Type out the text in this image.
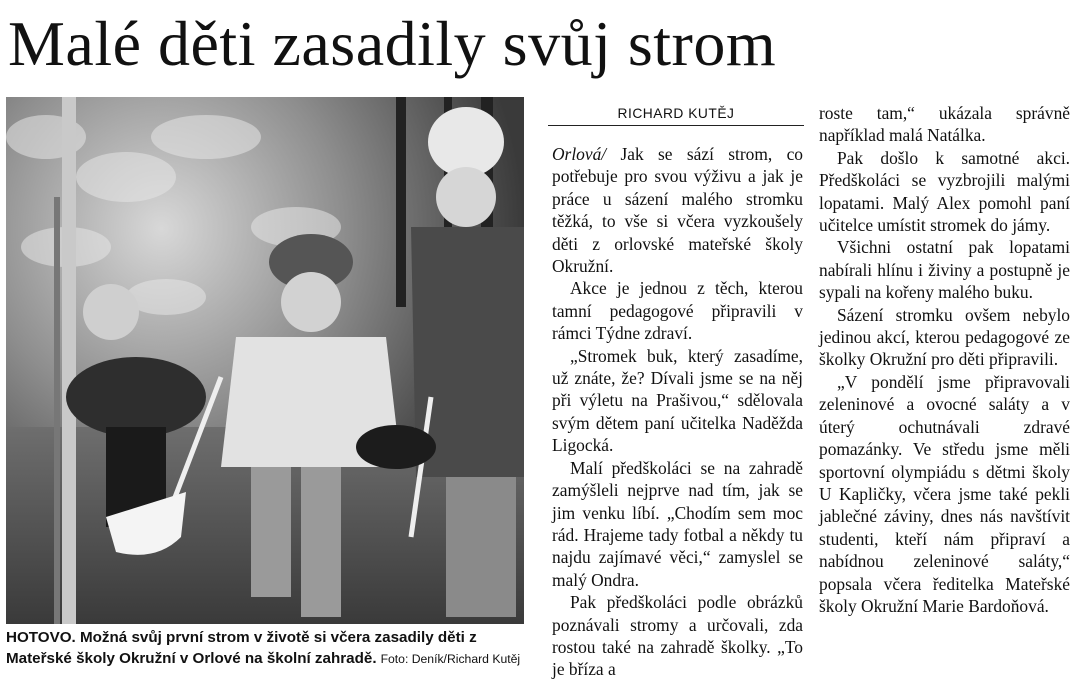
Malé děti zasadily svůj strom
HOTOVO. Možná svůj první strom v životě si včera zasadily děti z Mateřské školy Okružní v Orlové na školní zahradě. Foto: Deník/Richard Kutěj
RICHARD KUTĚJ

Orlová/ Jak se sází strom, co potřebuje pro svou výživu a jak je práce u sázení malého stromku těžká, to vše si včera vyzkoušely děti z orlovské mateřské školy Okružní.

Akce je jednou z těch, kterou tamní pedagogové připravili v rámci Týdne zdraví.

„Stromek buk, který zasadíme, už znáte, že? Dívali jsme se na něj při výletu na Prašivou,“ sdělovala svým dětem paní učitelka Naděžda Ligocká.

Malí předškoláci se na zahradě zamýšleli nejprve nad tím, jak se jim venku líbí. „Chodím sem moc rád. Hrajeme tady fotbal a někdy tu najdu zajímavé věci,“ zamyslel se malý Ondra.

Pak předškoláci podle obrázků poznávali stromy a určovali, zda rostou také na zahradě školky. „To je bříza a

roste tam,“ ukázala správně například malá Natálka.

Pak došlo k samotné akci. Předškoláci se vyzbrojili malými lopatami. Malý Alex pomohl paní učitelce umístit stromek do jámy.

Všichni ostatní pak lopatami nabírali hlínu i živiny a postupně je sypali na kořeny malého buku.

Sázení stromku ovšem nebylo jedinou akcí, kterou pedagogové ze školky Okružní pro děti připravili.

„V pondělí jsme připravovali zeleninové a ovocné saláty a v úterý ochutnávali zdravé pomazánky. Ve středu jsme měli sportovní olympiádu s dětmi školy U Kapličky, včera jsme také pekli jablečné záviny, dnes nás navštívit studenti, kteří nám připraví a nabídnou zeleninové saláty,“ popsala včera ředitelka Mateřské školy Okružní Marie Bardoňová.
